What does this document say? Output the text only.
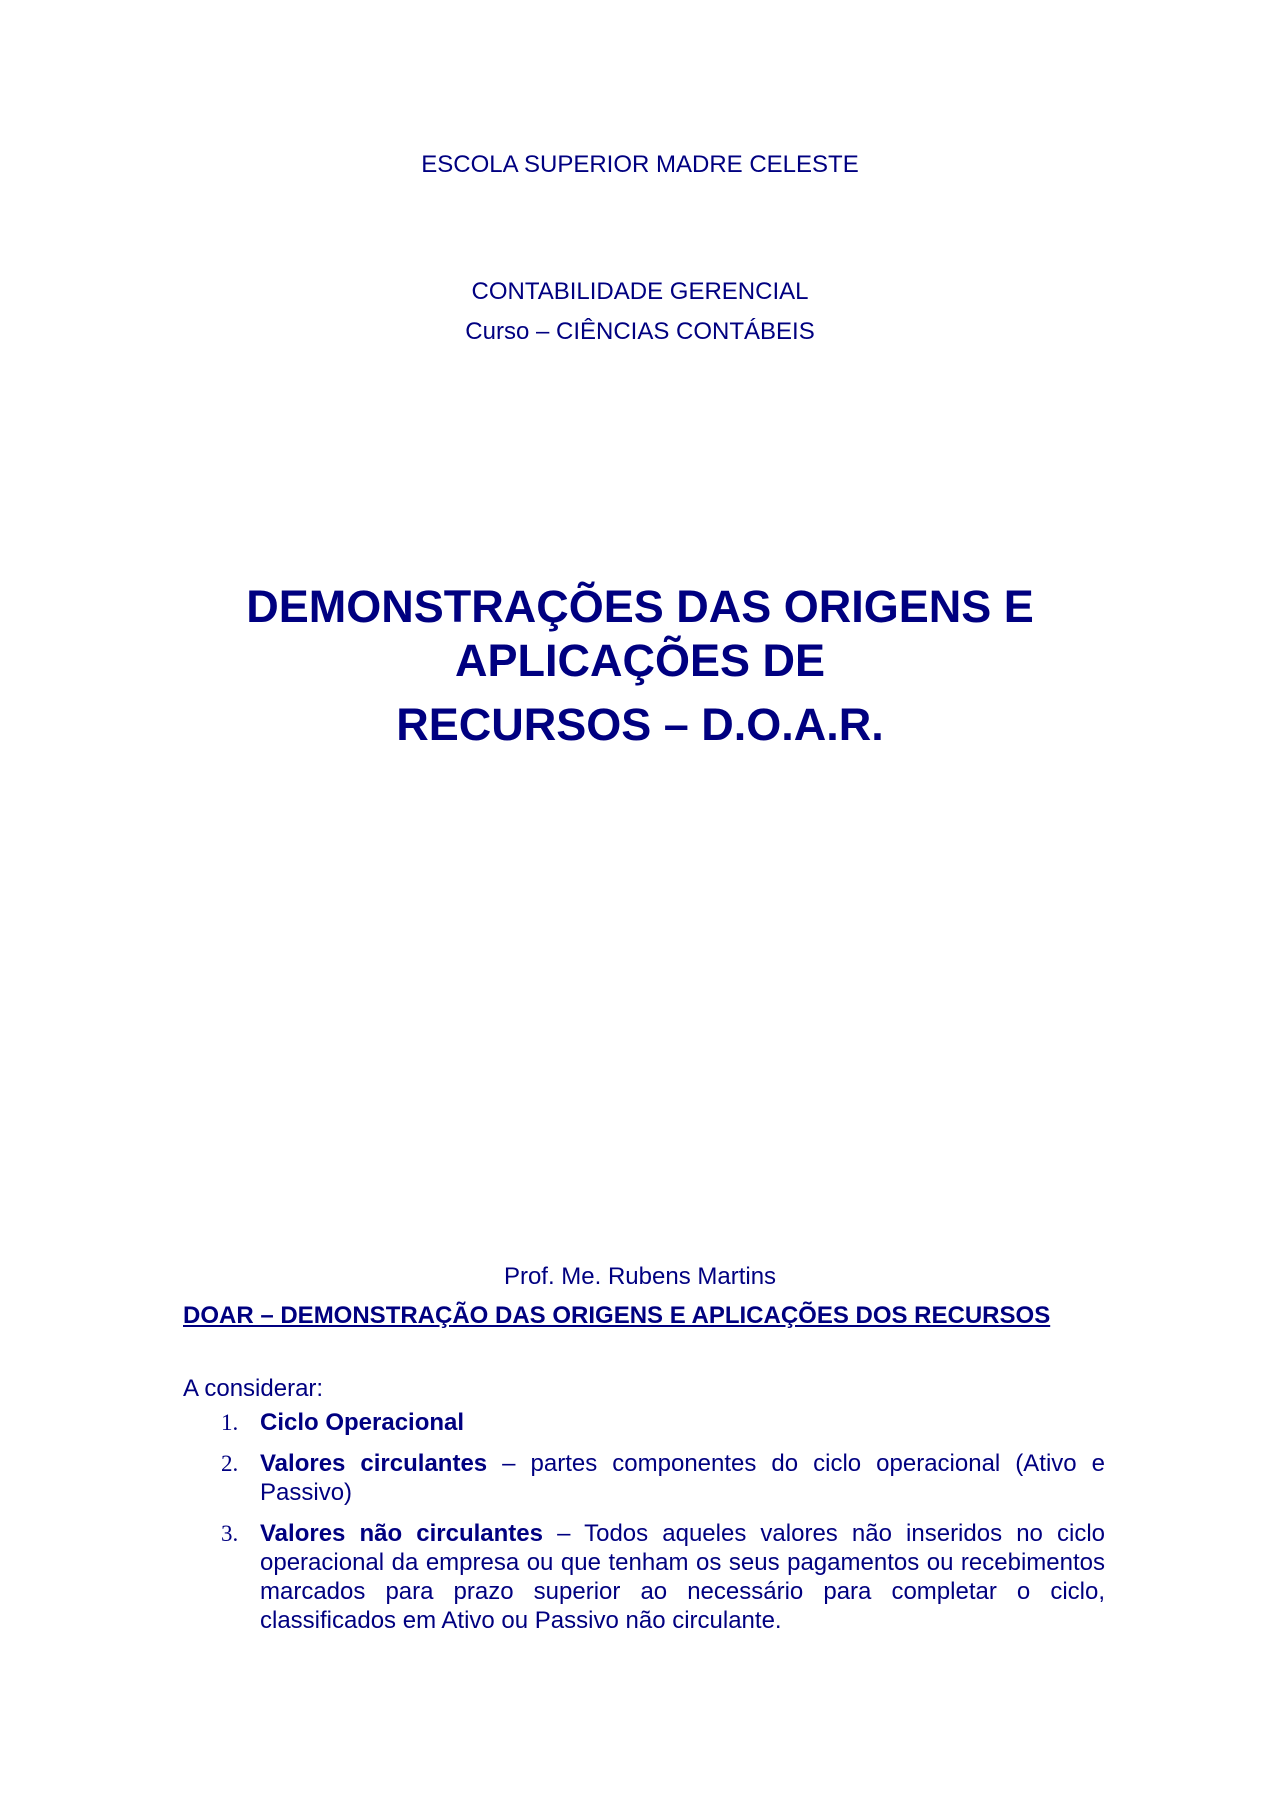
ESCOLA SUPERIOR MADRE CELESTE
CONTABILIDADE GERENCIAL
Curso – CIÊNCIAS CONTÁBEIS
DEMONSTRAÇÕES DAS ORIGENS E
APLICAÇÕES DE
RECURSOS – D.O.A.R.
Prof. Me. Rubens Martins
DOAR – DEMONSTRAÇÃO DAS ORIGENS E APLICAÇÕES DOS RECURSOS
A considerar:
1. Ciclo Operacional
2. Valores circulantes – partes componentes do ciclo operacional (Ativo e Passivo)
3. Valores não circulantes – Todos aqueles valores não inseridos no ciclo operacional da empresa ou que tenham os seus pagamentos ou recebimentos marcados para prazo superior ao necessário para completar o ciclo, classificados em Ativo ou Passivo não circulante.
